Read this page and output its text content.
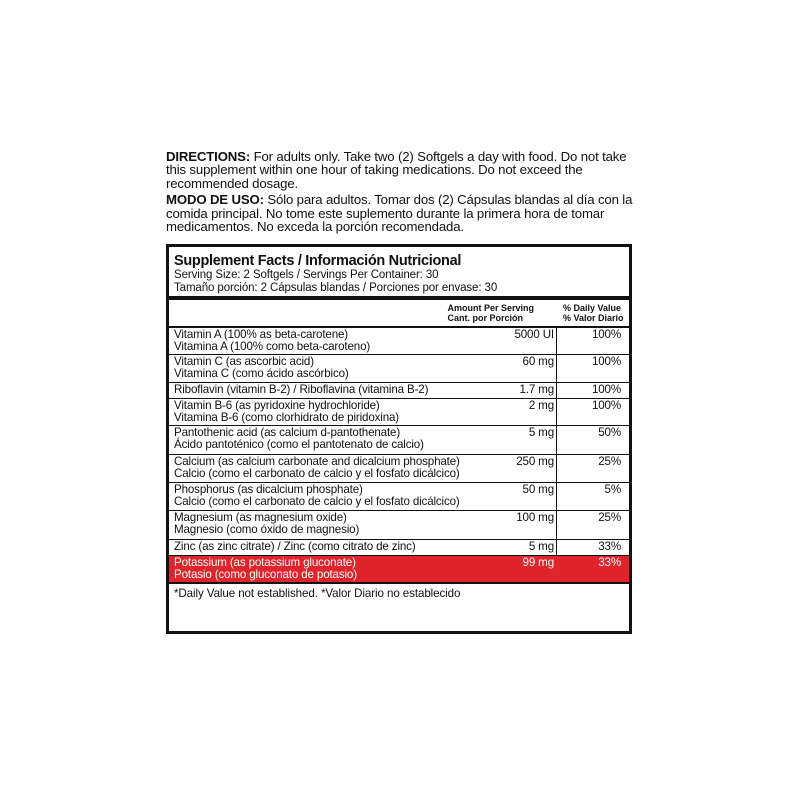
DIRECTIONS: For adults only. Take two (2) Softgels a day with food. Do not take this supplement within one hour of taking medications. Do not exceed the recommended dosage.

MODO DE USO: Sólo para adultos. Tomar dos (2) Cápsulas blandas al día con la comida principal. No tome este suplemento durante la primera hora de tomar medicamentos. No exceda la porción recomendada.

Supplement Facts / Información Nutricional
Serving Size: 2 Softgels / Servings Per Container: 30
Tamaño porción: 2 Cápsulas blandas / Porciones por envase: 30
Amount Per Serving
Cant. por Porción
% Daily Value
% Valor Diario
Vitamin A (100% as beta-carotene)
Vitamina A (100% como beta-caroteno)
5000 UI	100%
Vitamin C (as ascorbic acid)
Vitamina C (como ácido ascórbico)
60 mg	100%
Riboflavin (vitamin B-2) / Riboflavina (vitamina B-2)	1.7 mg	100%
Vitamin B-6 (as pyridoxine hydrochloride)
Vitamina B-6 (como clorhidrato de piridoxina)
2 mg	100%
Pantothenic acid (as calcium d-pantothenate)
Ácido pantoténico (como el pantotenato de calcio)
5 mg	50%
Calcium (as calcium carbonate and dicalcium phosphate)
Calcio (como el carbonato de calcio y el fosfato dicálcico)
250 mg	25%
Phosphorus (as dicalcium phosphate)
Calcio (como el carbonato de calcio y el fosfato dicálcico)
50 mg	5%
Magnesium (as magnesium oxide)
Magnesio (como óxido de magnesio)
100 mg	25%
Zinc (as zinc citrate) / Zinc (como citrato de zinc)	5 mg	33%
Potassium (as potassium gluconate)
Potasio (como gluconato de potasio)
99 mg	33%
*Daily Value not established. *Valor Diario no establecido
